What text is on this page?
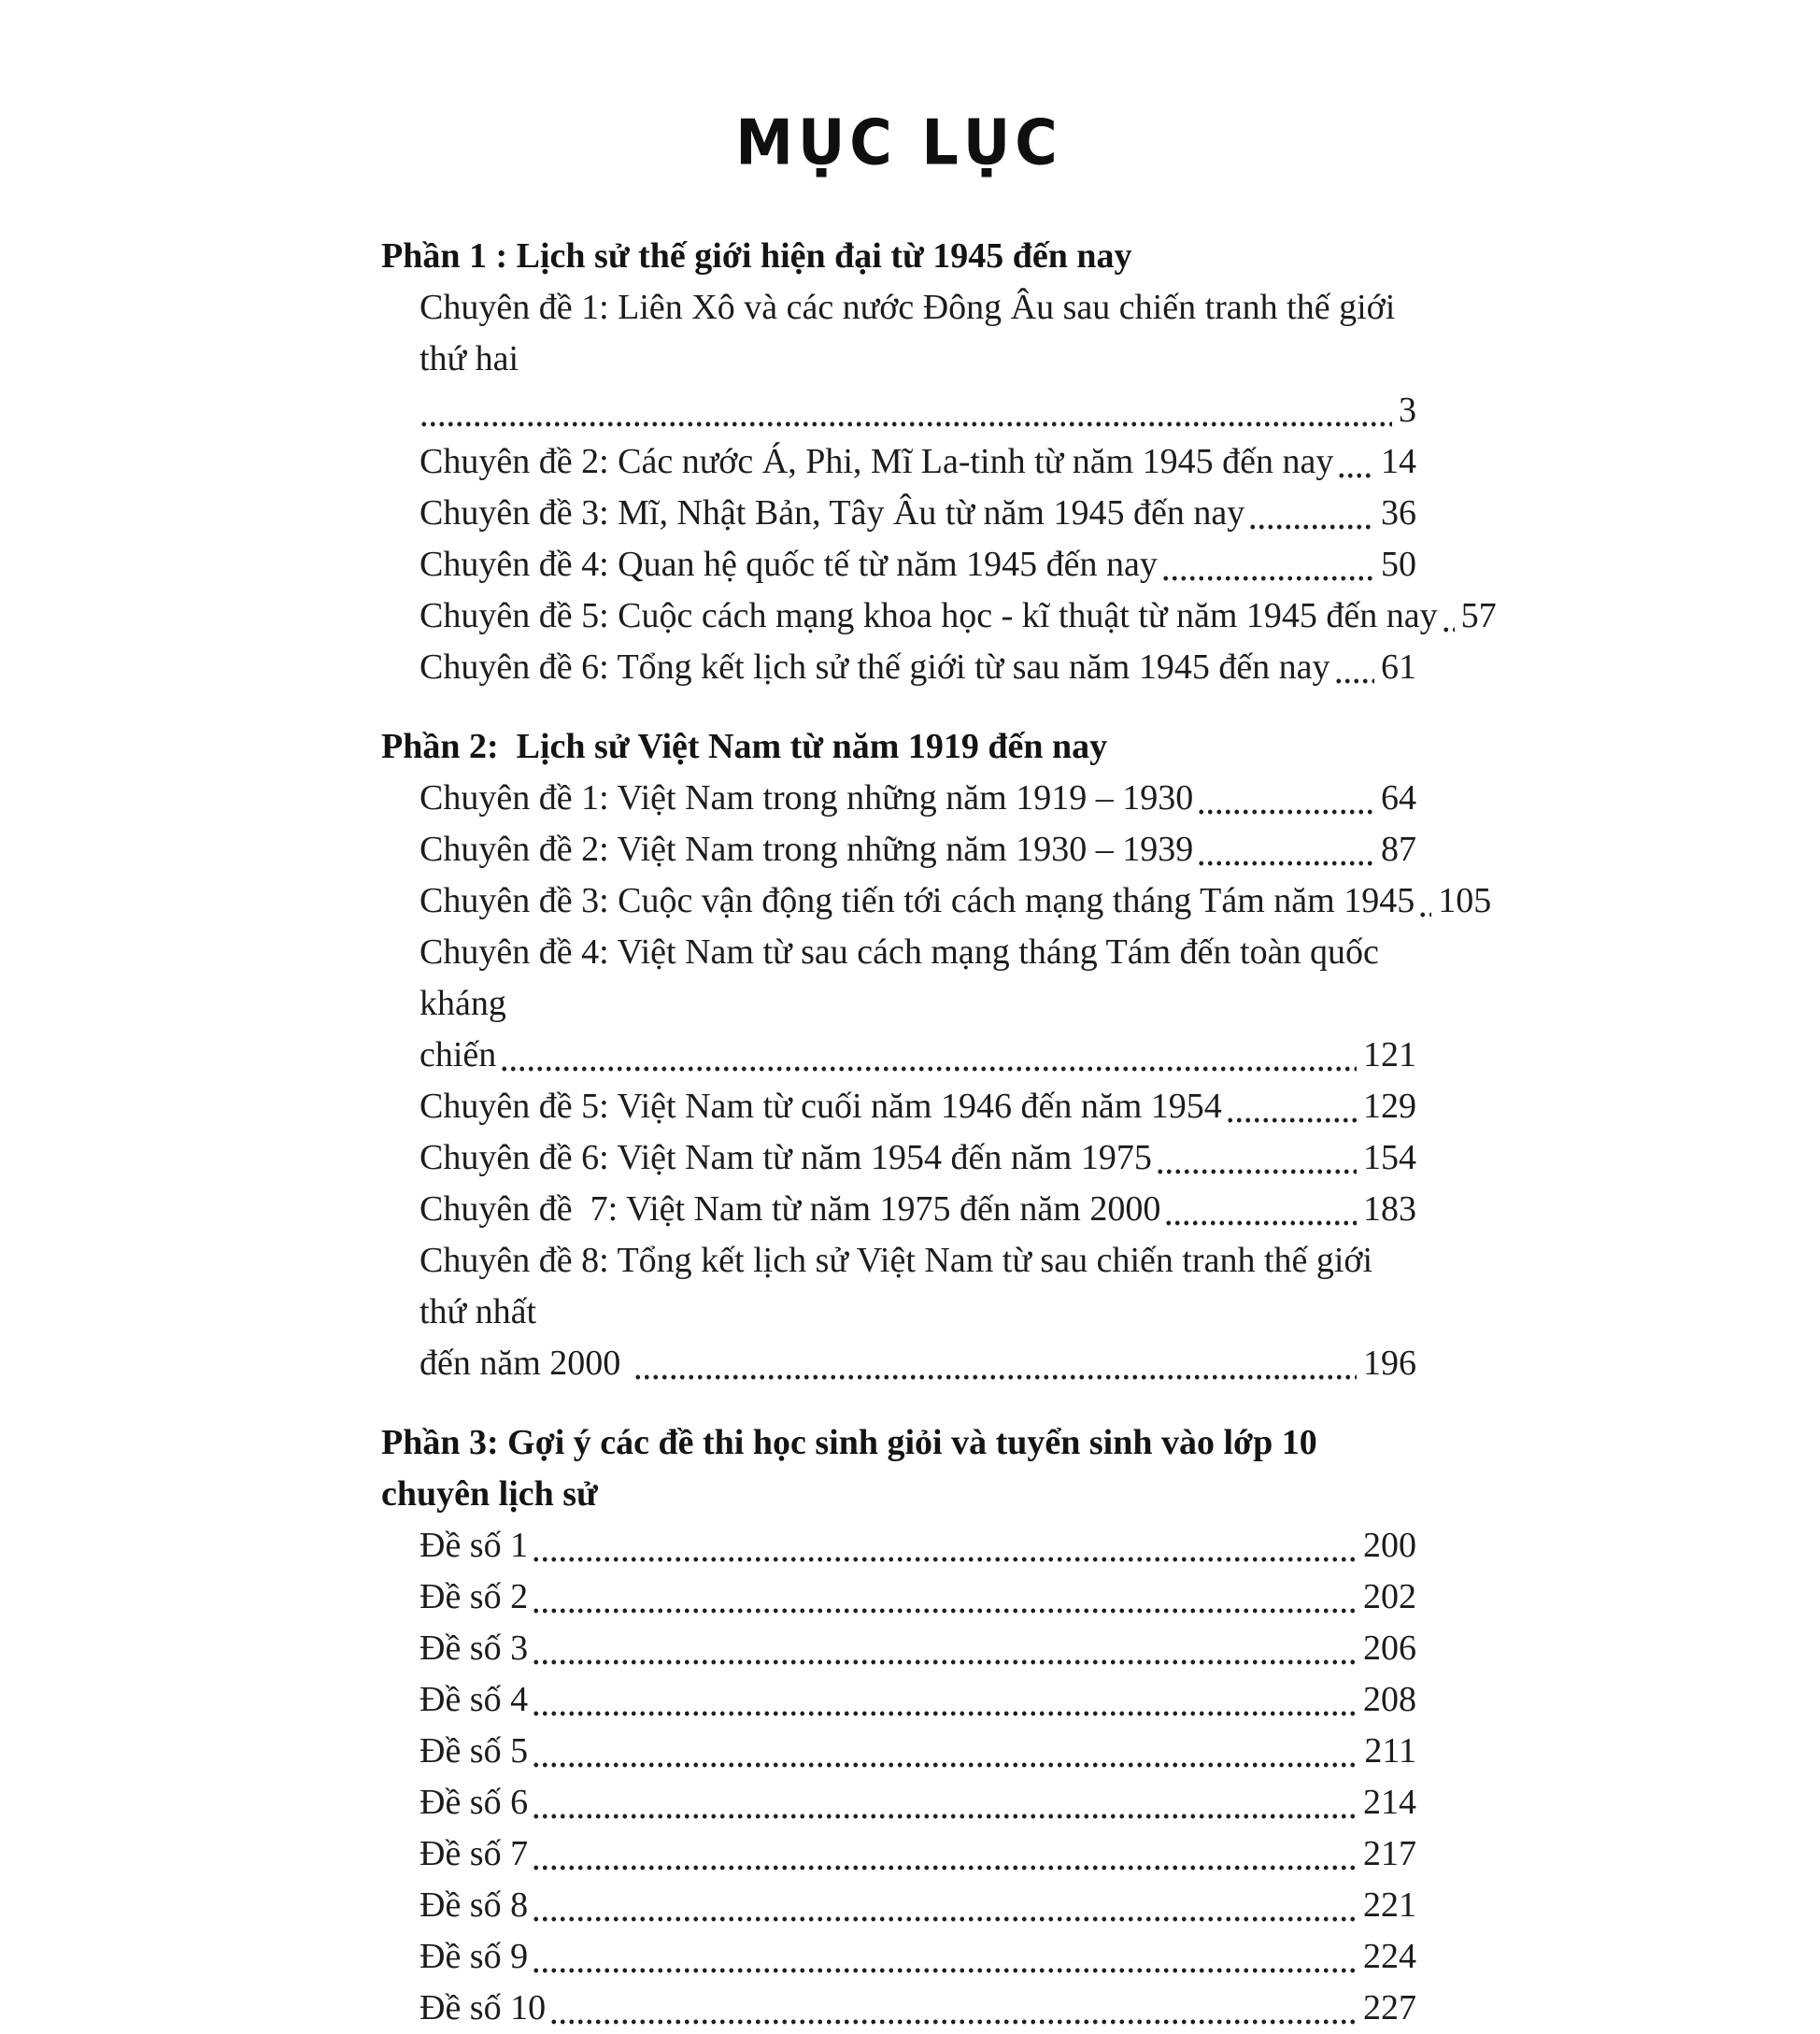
MỤC LỤC
Phần 1 : Lịch sử thế giới hiện đại từ 1945 đến nay
Chuyên đề 1: Liên Xô và các nước Đông Âu sau chiến tranh thế giới thứ hai
3
Chuyên đề 2: Các nước Á, Phi, Mĩ La-tinh từ năm 1945 đến nay 14
Chuyên đề 3: Mĩ, Nhật Bản, Tây Âu từ năm 1945 đến nay	36
Chuyên đề 4: Quan hệ quốc tế từ năm 1945 đến nay	50
Chuyên đề 5: Cuộc cách mạng khoa học - kĩ thuật từ năm 1945 đến nay 57
Chuyên đề 6: Tổng kết lịch sử thế giới từ sau năm 1945 đến nay 61
Phần 2:  Lịch sử Việt Nam từ năm 1919 đến nay
Chuyên đề 1: Việt Nam trong những năm 1919 – 1930	64
Chuyên đề 2: Việt Nam trong những năm 1930 – 1939	87
Chuyên đề 3: Cuộc vận động tiến tới cách mạng tháng Tám năm 1945 105
Chuyên đề 4: Việt Nam từ sau cách mạng tháng Tám đến toàn quốc kháng
chiến	121
Chuyên đề 5: Việt Nam từ cuối năm 1946 đến năm 1954	129
Chuyên đề 6: Việt Nam từ năm 1954 đến năm 1975	154
Chuyên đề  7: Việt Nam từ năm 1975 đến năm 2000	183
Chuyên đề 8: Tổng kết lịch sử Việt Nam từ sau chiến tranh thế giới thứ nhất
đến năm 2000	196
Phần 3: Gợi ý các đề thi học sinh giỏi và tuyển sinh vào lớp 10 chuyên lịch sử
Đề số 1	200
Đề số 2	202
Đề số 3	206
Đề số 4	208
Đề số 5	211
Đề số 6	214
Đề số 7	217
Đề số 8	221
Đề số 9	224
Đề số 10	227
